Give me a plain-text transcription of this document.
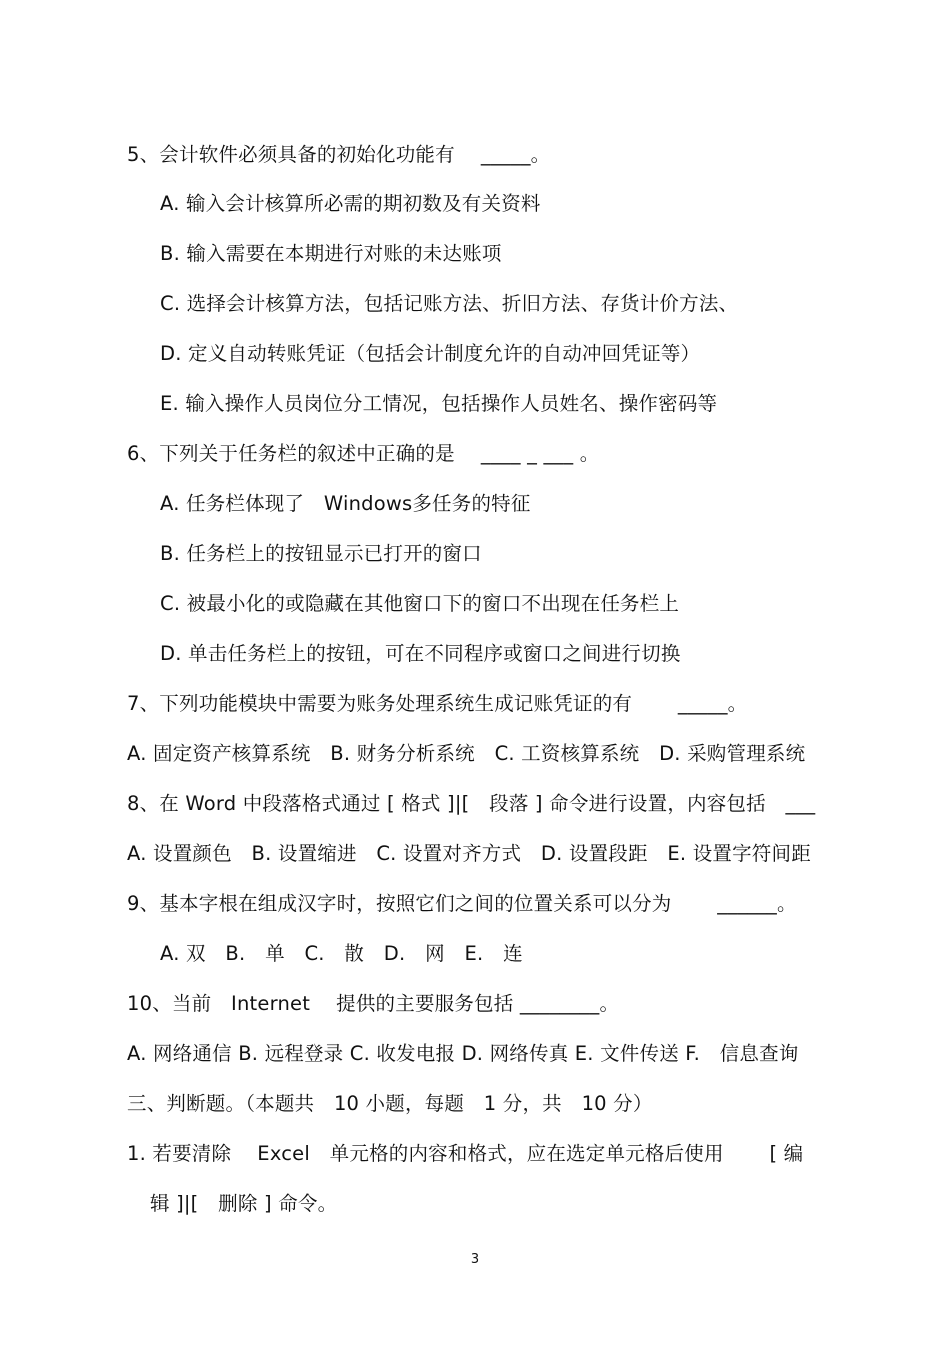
5、会计软件必须具备的初始化功能有　 _____。
A. 输入会计核算所必需的期初数及有关资料
B. 输入需要在本期进行对账的未达账项
C. 选择会计核算方法，包括记账方法、折旧方法、存货计价方法、
D. 定义自动转账凭证（包括会计制度允许的自动冲回凭证等）
E. 输入操作人员岗位分工情况，包括操作人员姓名、操作密码等
6、下列关于任务栏的叙述中正确的是　 ____ _ ___ 。
A. 任务栏体现了　Windows多任务的特征
B. 任务栏上的按钮显示已打开的窗口
C. 被最小化的或隐藏在其他窗口下的窗口不出现在任务栏上
D. 单击任务栏上的按钮，可在不同程序或窗口之间进行切换
7、下列功能模块中需要为账务处理系统生成记账凭证的有　　 _____。
A. 固定资产核算系统　B. 财务分析系统　C. 工资核算系统　D. 采购管理系统
8、在 Word 中段落格式通过 [ 格式 ]|[　段落 ] 命令进行设置，内容包括　___
A. 设置颜色　B. 设置缩进　C. 设置对齐方式　D. 设置段距　E. 设置字符间距
9、基本字根在组成汉字时，按照它们之间的位置关系可以分为　　 ______。
A. 双　B.　单　C.　散　D.　网　E.　连
10、当前　Internet　 提供的主要服务包括 ________。
A. 网络通信 B. 远程登录 C. 收发电报 D. 网络传真 E. 文件传送 F.　信息查询
三、判断题。（本题共　10 小题，每题　1 分，共　10 分）
1. 若要清除　 Excel　单元格的内容和格式，应在选定单元格后使用　　 [ 编
辑 ]|[　删除 ] 命令。
3
